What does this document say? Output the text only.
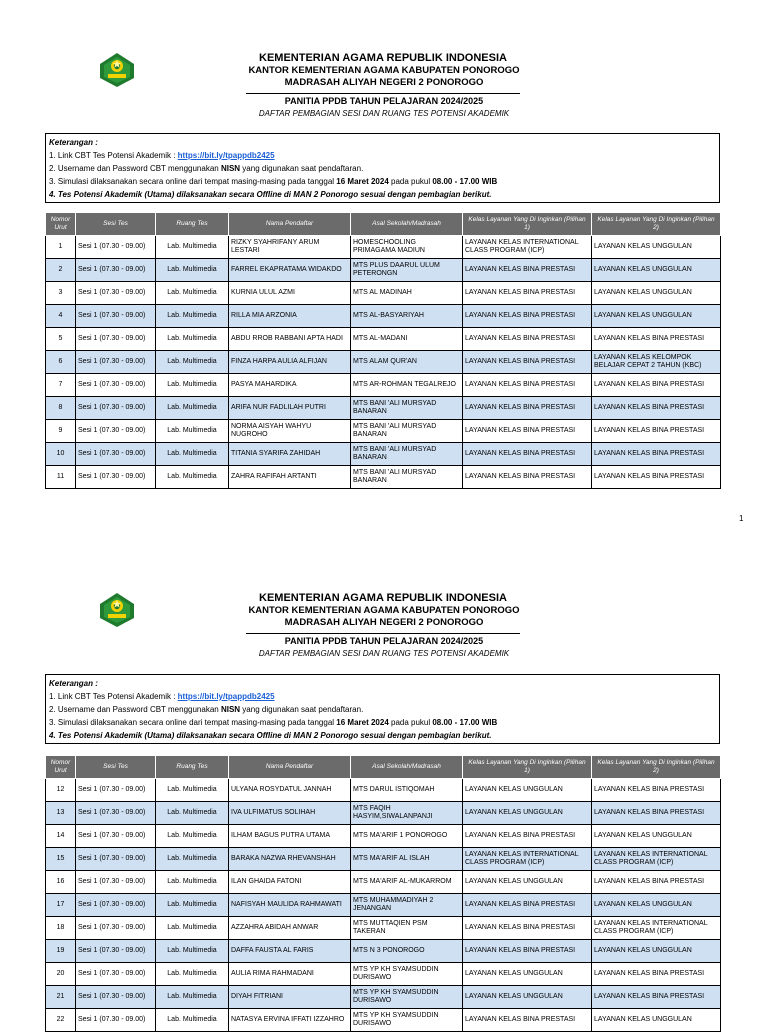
KEMENTERIAN AGAMA REPUBLIK INDONESIA
KANTOR KEMENTERIAN AGAMA KABUPATEN PONOROGO
MADRASAH ALIYAH NEGERI 2 PONOROGO
PANITIA PPDB TAHUN PELAJARAN 2024/2025
DAFTAR PEMBAGIAN SESI DAN RUANG TES POTENSI AKADEMIK
Keterangan :
1. Link CBT Tes Potensi Akademik : https://bit.ly/tpappdb2425
2. Username dan Password CBT menggunakan NISN yang digunakan saat pendaftaran.
3. Simulasi dilaksanakan secara online dari tempat masing-masing pada tanggal 16 Maret 2024 pada pukul 08.00 - 17.00 WIB
4. Tes Potensi Akademik (Utama) dilaksanakan secara Offline di MAN 2 Ponorogo sesuai dengan pembagian berikut.
Nomor Urut	Sesi Tes	Ruang Tes	Nama Pendaftar	Asal Sekolah/Madrasah	Kelas Layanan Yang Di Inginkan (Pilihan 1)	Kelas Layanan Yang Di Inginkan (Pilihan 2)
1	Sesi 1 (07.30 - 09.00)	Lab. Multimedia	RIZKY SYAHRIFANY ARUM LESTARI	HOMESCHOOLING PRIMAGAMA MADIUN	LAYANAN KELAS INTERNATIONAL CLASS PROGRAM (ICP)	LAYANAN KELAS UNGGULAN
2	Sesi 1 (07.30 - 09.00)	Lab. Multimedia	FARREL EKAPRATAMA WIDAKDO	MTS PLUS DAARUL ULUM PETERONGN	LAYANAN KELAS BINA PRESTASI	LAYANAN KELAS UNGGULAN
3	Sesi 1 (07.30 - 09.00)	Lab. Multimedia	KURNIA ULUL AZMI	MTS AL MADINAH	LAYANAN KELAS BINA PRESTASI	LAYANAN KELAS UNGGULAN
4	Sesi 1 (07.30 - 09.00)	Lab. Multimedia	RILLA MIA ARZONIA	MTS AL-BASYARIYAH	LAYANAN KELAS BINA PRESTASI	LAYANAN KELAS UNGGULAN
5	Sesi 1 (07.30 - 09.00)	Lab. Multimedia	ABDU RROB RABBANI APTA HADI	MTS AL-MADANI	LAYANAN KELAS BINA PRESTASI	LAYANAN KELAS BINA PRESTASI
6	Sesi 1 (07.30 - 09.00)	Lab. Multimedia	FINZA HARPA AULIA ALFIJAN	MTS ALAM QUR'AN	LAYANAN KELAS BINA PRESTASI	LAYANAN KELAS KELOMPOK BELAJAR CEPAT 2 TAHUN (KBC)
7	Sesi 1 (07.30 - 09.00)	Lab. Multimedia	PASYA MAHARDIKA	MTS AR-ROHMAN TEGALREJO	LAYANAN KELAS BINA PRESTASI	LAYANAN KELAS BINA PRESTASI
8	Sesi 1 (07.30 - 09.00)	Lab. Multimedia	ARIFA NUR FADLILAH PUTRI	MTS BANI 'ALI MURSYAD BANARAN	LAYANAN KELAS BINA PRESTASI	LAYANAN KELAS BINA PRESTASI
9	Sesi 1 (07.30 - 09.00)	Lab. Multimedia	NORMA AISYAH WAHYU NUGROHO	MTS BANI 'ALI MURSYAD BANARAN	LAYANAN KELAS BINA PRESTASI	LAYANAN KELAS BINA PRESTASI
10	Sesi 1 (07.30 - 09.00)	Lab. Multimedia	TITANIA SYARIFA ZAHIDAH	MTS BANI 'ALI MURSYAD BANARAN	LAYANAN KELAS BINA PRESTASI	LAYANAN KELAS BINA PRESTASI
11	Sesi 1 (07.30 - 09.00)	Lab. Multimedia	ZAHRA RAFIFAH ARTANTI	MTS BANI 'ALI MURSYAD BANARAN	LAYANAN KELAS BINA PRESTASI	LAYANAN KELAS BINA PRESTASI
1
KEMENTERIAN AGAMA REPUBLIK INDONESIA
KANTOR KEMENTERIAN AGAMA KABUPATEN PONOROGO
MADRASAH ALIYAH NEGERI 2 PONOROGO
PANITIA PPDB TAHUN PELAJARAN 2024/2025
DAFTAR PEMBAGIAN SESI DAN RUANG TES POTENSI AKADEMIK
Keterangan :
1. Link CBT Tes Potensi Akademik : https://bit.ly/tpappdb2425
2. Username dan Password CBT menggunakan NISN yang digunakan saat pendaftaran.
3. Simulasi dilaksanakan secara online dari tempat masing-masing pada tanggal 16 Maret 2024 pada pukul 08.00 - 17.00 WIB
4. Tes Potensi Akademik (Utama) dilaksanakan secara Offline di MAN 2 Ponorogo sesuai dengan pembagian berikut.
Nomor Urut	Sesi Tes	Ruang Tes	Nama Pendaftar	Asal Sekolah/Madrasah	Kelas Layanan Yang Di Inginkan (Pilihan 1)	Kelas Layanan Yang Di Inginkan (Pilihan 2)
12	Sesi 1 (07.30 - 09.00)	Lab. Multimedia	ULYANA ROSYDATUL JANNAH	MTS DARUL ISTIQOMAH	LAYANAN KELAS UNGGULAN	LAYANAN KELAS BINA PRESTASI
13	Sesi 1 (07.30 - 09.00)	Lab. Multimedia	IVA ULFIMATUS SOLIHAH	MTS FAQIH HASYIM,SIWALANPANJI	LAYANAN KELAS UNGGULAN	LAYANAN KELAS BINA PRESTASI
14	Sesi 1 (07.30 - 09.00)	Lab. Multimedia	ILHAM BAGUS PUTRA UTAMA	MTS MA'ARIF 1 PONOROGO	LAYANAN KELAS BINA PRESTASI	LAYANAN KELAS UNGGULAN
15	Sesi 1 (07.30 - 09.00)	Lab. Multimedia	BARAKA NAZWA RHEVANSHAH	MTS MA'ARIF AL ISLAH	LAYANAN KELAS INTERNATIONAL CLASS PROGRAM (ICP)	LAYANAN KELAS INTERNATIONAL CLASS PROGRAM (ICP)
16	Sesi 1 (07.30 - 09.00)	Lab. Multimedia	ILAN GHAIDA FATONI	MTS MA'ARIF AL-MUKARROM	LAYANAN KELAS UNGGULAN	LAYANAN KELAS BINA PRESTASI
17	Sesi 1 (07.30 - 09.00)	Lab. Multimedia	NAFISYAH MAULIDA RAHMAWATI	MTS MUHAMMADIYAH 2 JENANGAN	LAYANAN KELAS BINA PRESTASI	LAYANAN KELAS UNGGULAN
18	Sesi 1 (07.30 - 09.00)	Lab. Multimedia	AZZAHRA ABIDAH ANWAR	MTS MUTTAQIEN PSM TAKERAN	LAYANAN KELAS BINA PRESTASI	LAYANAN KELAS INTERNATIONAL CLASS PROGRAM (ICP)
19	Sesi 1 (07.30 - 09.00)	Lab. Multimedia	DAFFA FAUSTA AL FARIS	MTS N 3 PONOROGO	LAYANAN KELAS BINA PRESTASI	LAYANAN KELAS UNGGULAN
20	Sesi 1 (07.30 - 09.00)	Lab. Multimedia	AULIA RIMA RAHMADANI	MTS YP KH SYAMSUDDIN DURISAWO	LAYANAN KELAS UNGGULAN	LAYANAN KELAS BINA PRESTASI
21	Sesi 1 (07.30 - 09.00)	Lab. Multimedia	DIYAH FITRIANI	MTS YP KH SYAMSUDDIN DURISAWO	LAYANAN KELAS UNGGULAN	LAYANAN KELAS BINA PRESTASI
22	Sesi 1 (07.30 - 09.00)	Lab. Multimedia	NATASYA ERVINA IFFATI IZZAHRO	MTS YP KH SYAMSUDDIN DURISAWO	LAYANAN KELAS BINA PRESTASI	LAYANAN KELAS UNGGULAN
